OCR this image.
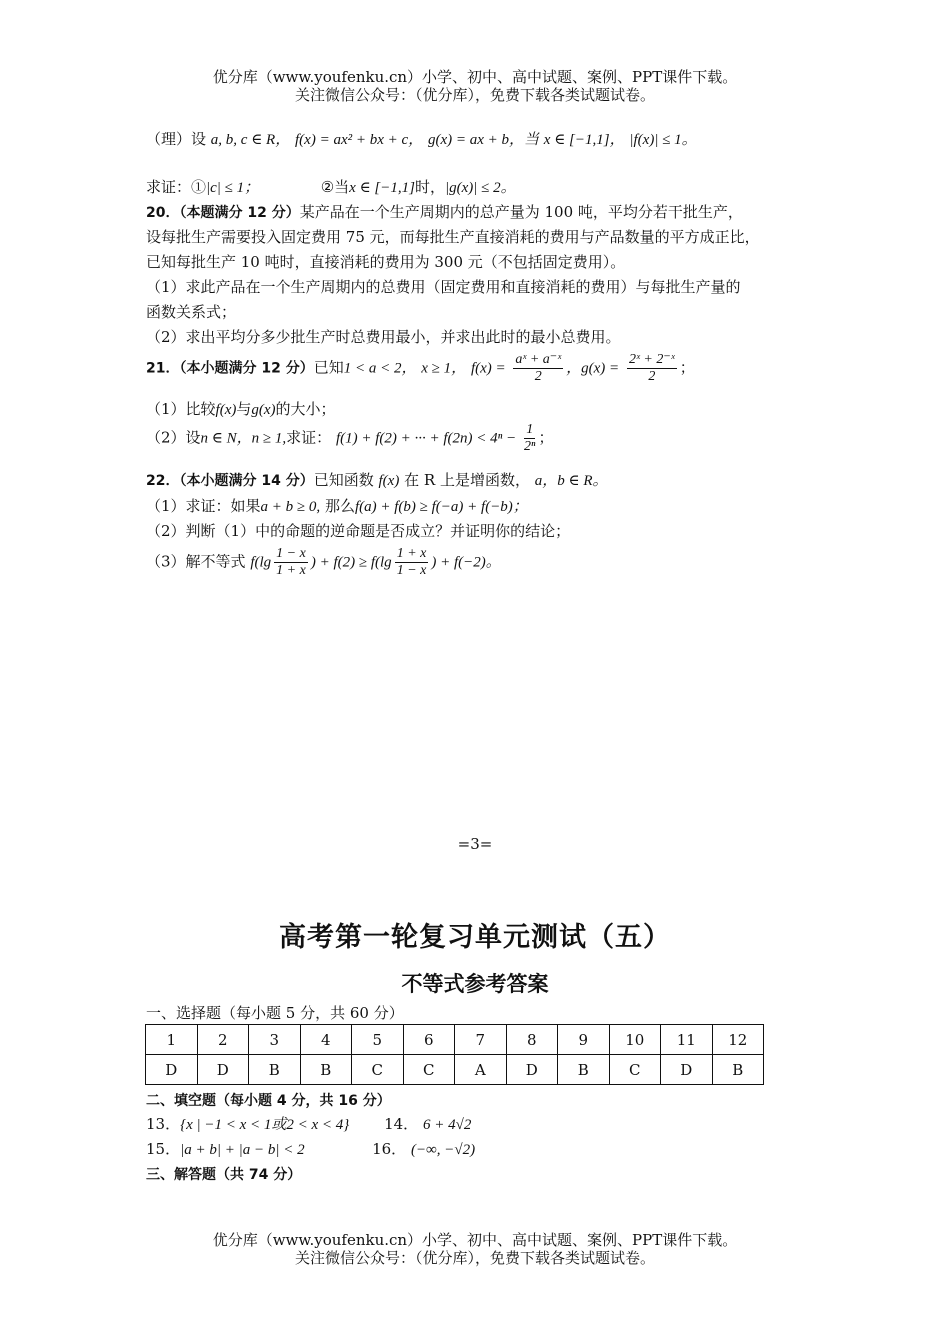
优分库（www.youfenku.cn）小学、初中、高中试题、案例、PPT课件下载。
关注微信公众号：（优分库），免费下载各类试题试卷。
（理）设 a, b, c ∈ R， f(x) = ax² + bx + c， g(x) = ax + b，当 x ∈ [−1,1]， |f(x)| ≤ 1。
求证：①|c| ≤ 1；	②当x ∈ [−1,1]时，|g(x)| ≤ 2。
20．（本题满分 12 分）某产品在一个生产周期内的总产量为 100 吨，平均分若干批生产，
设每批生产需要投入固定费用 75 元，而每批生产直接消耗的费用与产品数量的平方成正比，
已知每批生产 10 吨时，直接消耗的费用为 300 元（不包括固定费用）。
（1）求此产品在一个生产周期内的总费用（固定费用和直接消耗的费用）与每批生产量的
函数关系式；
（2）求出平均分多少批生产时总费用最小，并求出此时的最小总费用。
21．（本小题满分 12 分）已知1 < a < 2， x ≥ 1， $f(x) = \frac{\text{aˣ + a⁻ˣ}}{2}$ ，$g(x) = \frac{\text{2ˣ + 2⁻ˣ}}{2}$ ；
（1）比较f(x)与g(x)的大小；
（2）设n ∈ N，n ≥ 1,求证： f(1) + f(2) + ··· + $f(2n) < 4^n - \frac{1}{\text{2ⁿ}}$ ；
22．（本小题满分 14 分）已知函数 f(x) 在 R 上是增函数， a，b ∈ R。
（1）求证：如果a + b ≥ 0, 那么f(a) + f(b) ≥ f(−a) + f(−b)；
（2）判断（1）中的命题的逆命题是否成立？并证明你的结论；
（3）解不等式 $f(\lg \frac{1 - x}{1 + x}$ ) + $f(2) \ge f(\lg \frac{1 + x}{1 - x}$ ) + f(−2)。
=3=
高考第一轮复习单元测试（五）
不等式参考答案
一、选择题（每小题 5 分，共 60 分）
1	2	3	4	5	6	7	8	9	10	11	12
D	D	B	B	C	C	A	D	B	C	D	B
二、填空题（每小题 4 分，共 16 分）
13．{x | −1 < x < 1或2 < x < 4} 14． 6 + 4√2
15．|a + b| + |a − b| < 2	16． (−∞, −√2)
三、解答题（共 74 分）
优分库（www.youfenku.cn）小学、初中、高中试题、案例、PPT课件下载。
关注微信公众号：（优分库），免费下载各类试题试卷。
